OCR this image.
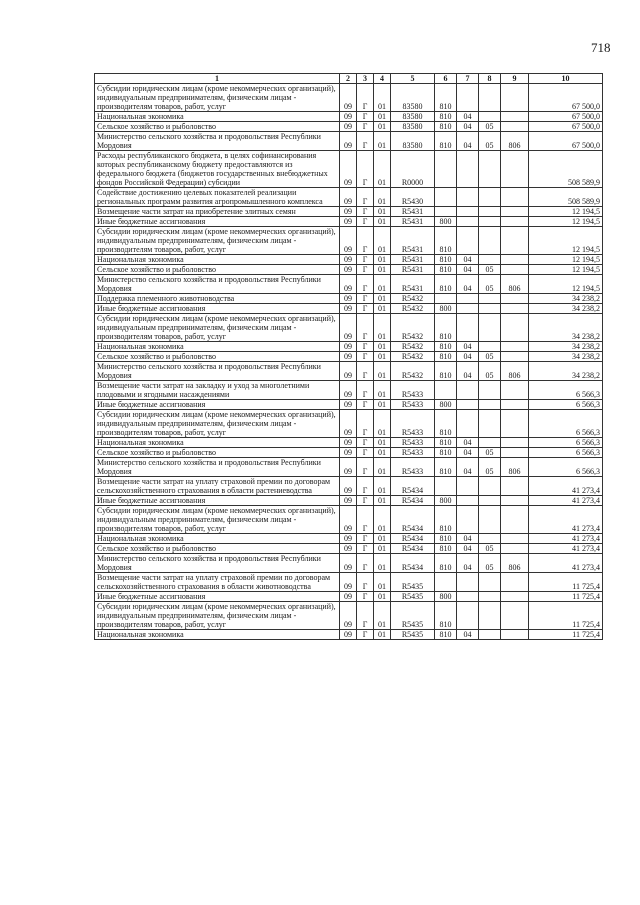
718
1	2	3	4	5	6	7	8	9	10
Субсидии юридическим лицам (кроме некоммерческих организаций), индивидуальным предпринимателям, физическим лицам - производителям товаров, работ, услуг	09	Г	01	83580	810				67 500,0
Национальная экономика	09	Г	01	83580	810	04			67 500,0
Сельское хозяйство и рыболовство	09	Г	01	83580	810	04	05		67 500,0
Министерство сельского хозяйства и продовольствия Республики Мордовия	09	Г	01	83580	810	04	05	806	67 500,0
Расходы республиканского бюджета, в целях софинансирования которых республиканскому бюджету предоставляются из федерального бюджета (бюджетов государственных внебюджетных фондов Российской Федерации) субсидии	09	Г	01	R0000					508 589,9
Содействие достижению целевых показателей реализации региональных программ развития агропромышленного комплекса	09	Г	01	R5430					508 589,9
Возмещение части затрат на приобретение элитных семян	09	Г	01	R5431					12 194,5
Иные бюджетные ассигнования	09	Г	01	R5431	800				12 194,5
Субсидии юридическим лицам (кроме некоммерческих организаций), индивидуальным предпринимателям, физическим лицам - производителям товаров, работ, услуг	09	Г	01	R5431	810				12 194,5
Национальная экономика	09	Г	01	R5431	810	04			12 194,5
Сельское хозяйство и рыболовство	09	Г	01	R5431	810	04	05		12 194,5
Министерство сельского хозяйства и продовольствия Республики Мордовия	09	Г	01	R5431	810	04	05	806	12 194,5
Поддержка племенного животноводства	09	Г	01	R5432					34 238,2
Иные бюджетные ассигнования	09	Г	01	R5432	800				34 238,2
Субсидии юридическим лицам (кроме некоммерческих организаций), индивидуальным предпринимателям, физическим лицам - производителям товаров, работ, услуг	09	Г	01	R5432	810				34 238,2
Национальная экономика	09	Г	01	R5432	810	04			34 238,2
Сельское хозяйство и рыболовство	09	Г	01	R5432	810	04	05		34 238,2
Министерство сельского хозяйства и продовольствия Республики Мордовия	09	Г	01	R5432	810	04	05	806	34 238,2
Возмещение части затрат на закладку и уход за многолетними плодовыми и ягодными насаждениями	09	Г	01	R5433					6 566,3
Иные бюджетные ассигнования	09	Г	01	R5433	800				6 566,3
Субсидии юридическим лицам (кроме некоммерческих организаций), индивидуальным предпринимателям, физическим лицам - производителям товаров, работ, услуг	09	Г	01	R5433	810				6 566,3
Национальная экономика	09	Г	01	R5433	810	04			6 566,3
Сельское хозяйство и рыболовство	09	Г	01	R5433	810	04	05		6 566,3
Министерство сельского хозяйства и продовольствия Республики Мордовия	09	Г	01	R5433	810	04	05	806	6 566,3
Возмещение части затрат на уплату страховой премии по договорам сельскохозяйственного страхования в области растениеводства	09	Г	01	R5434					41 273,4
Иные бюджетные ассигнования	09	Г	01	R5434	800				41 273,4
Субсидии юридическим лицам (кроме некоммерческих организаций), индивидуальным предпринимателям, физическим лицам - производителям товаров, работ, услуг	09	Г	01	R5434	810				41 273,4
Национальная экономика	09	Г	01	R5434	810	04			41 273,4
Сельское хозяйство и рыболовство	09	Г	01	R5434	810	04	05		41 273,4
Министерство сельского хозяйства и продовольствия Республики Мордовия	09	Г	01	R5434	810	04	05	806	41 273,4
Возмещение части затрат на уплату страховой премии по договорам сельскохозяйственного страхования в области животноводства	09	Г	01	R5435					11 725,4
Иные бюджетные ассигнования	09	Г	01	R5435	800				11 725,4
Субсидии юридическим лицам (кроме некоммерческих организаций), индивидуальным предпринимателям, физическим лицам - производителям товаров, работ, услуг	09	Г	01	R5435	810				11 725,4
Национальная экономика	09	Г	01	R5435	810	04			11 725,4
